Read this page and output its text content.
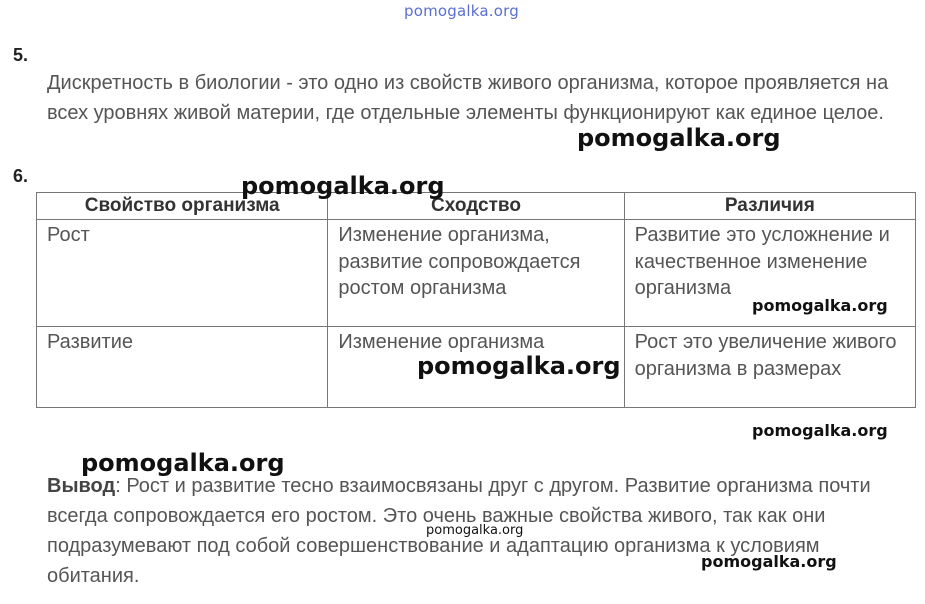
pomogalka.org
5.

Дискретность в биологии - это одно из свойств живого организма, которое проявляется на всех уровнях живой материи, где отдельные элементы функционируют как единое целое.

6.
Свойство организма	Сходство	Различия
Рост	Изменение организма, развитие сопровождается ростом организма	Развитие это усложнение и качественное изменение организма
Развитие	Изменение организма	Рост это увеличение живого организма в размерах

Вывод: Рост и развитие тесно взаимосвязаны друг с другом. Развитие организма почти всегда сопровождается его ростом. Это очень важные свойства живого, так как они подразумевают под собой совершенствование и адаптацию организма к условиям обитания.

pomogalka.org
pomogalka.org
pomogalka.org
pomogalka.org
pomogalka.org
pomogalka.org
pomogalka.org
pomogalka.org
